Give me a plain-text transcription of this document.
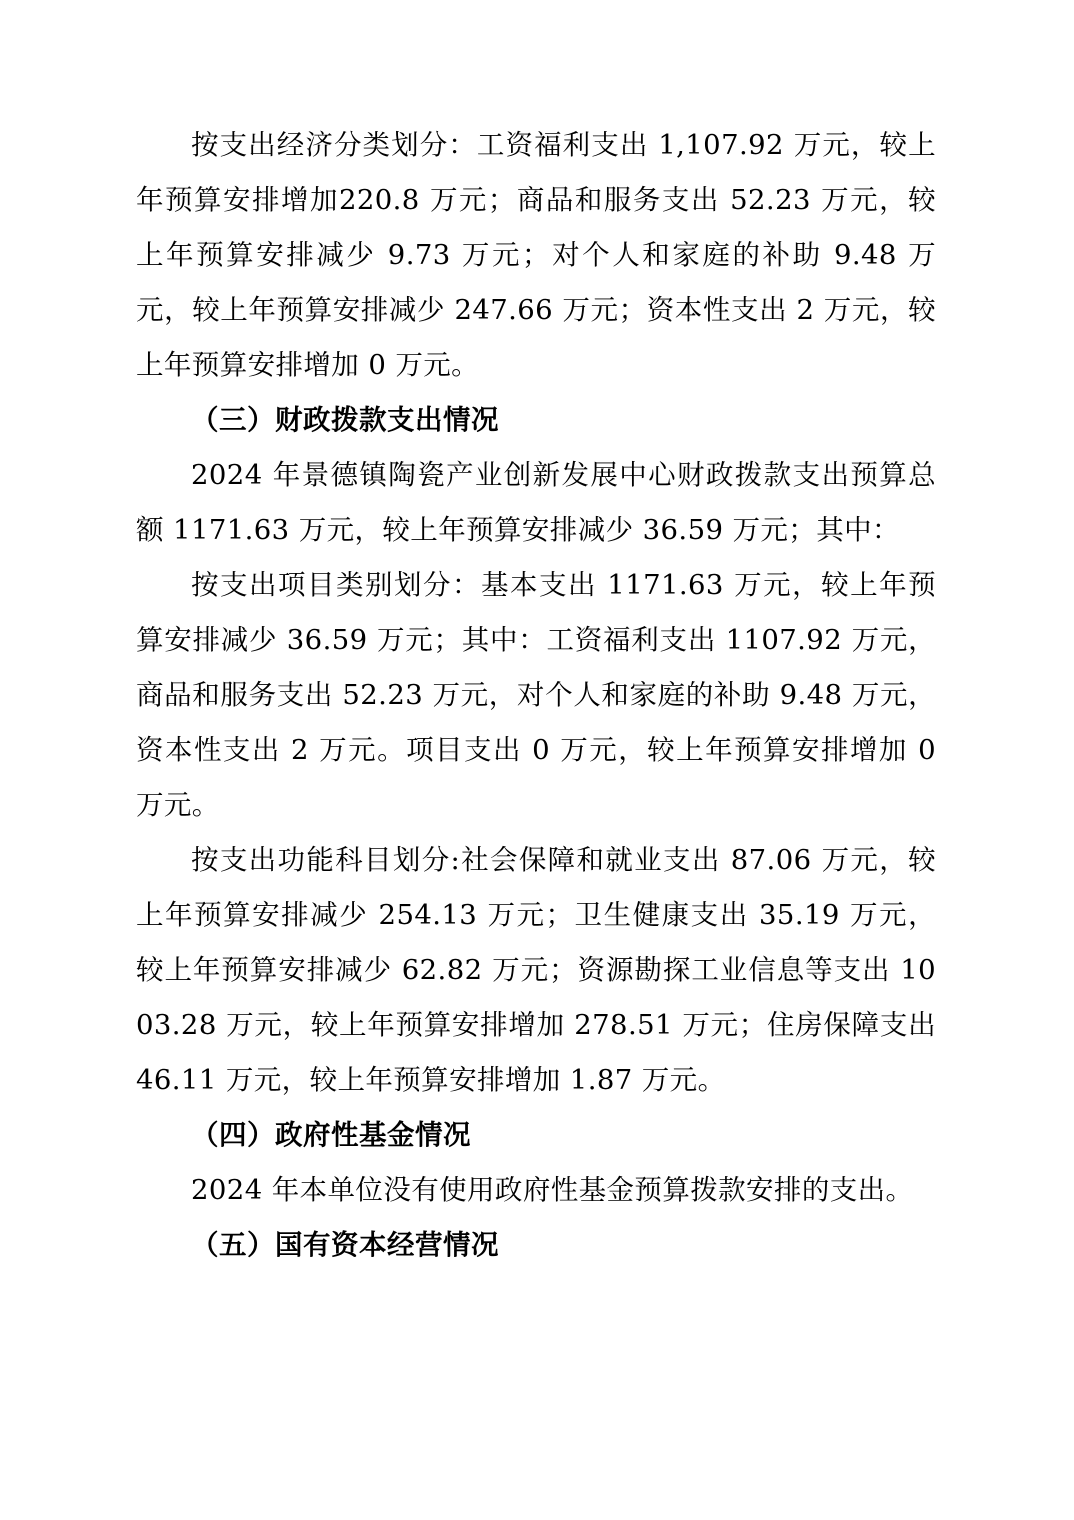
按支出经济分类划分：工资福利支出 1,107.92 万元，较上年预算安排增加220.8 万元；商品和服务支出 52.23 万元，较上年预算安排减少 9.73 万元；对个人和家庭的补助 9.48 万元，较上年预算安排减少 247.66 万元；资本性支出 2 万元，较上年预算安排增加 0 万元。

（三）财政拨款支出情况

2024 年景德镇陶瓷产业创新发展中心财政拨款支出预算总额 1171.63 万元，较上年预算安排减少 36.59 万元；其中：

按支出项目类别划分：基本支出 1171.63 万元，较上年预算安排减少 36.59 万元；其中：工资福利支出 1107.92 万元，商品和服务支出 52.23 万元，对个人和家庭的补助 9.48 万元，资本性支出 2 万元。项目支出 0 万元，较上年预算安排增加 0 万元。

按支出功能科目划分:社会保障和就业支出 87.06 万元，较上年预算安排减少 254.13 万元；卫生健康支出 35.19 万元，较上年预算安排减少 62.82 万元；资源勘探工业信息等支出 1003.28 万元，较上年预算安排增加 278.51 万元；住房保障支出 46.11 万元，较上年预算安排增加 1.87 万元。

（四）政府性基金情况

2024 年本单位没有使用政府性基金预算拨款安排的支出。

（五）国有资本经营情况
